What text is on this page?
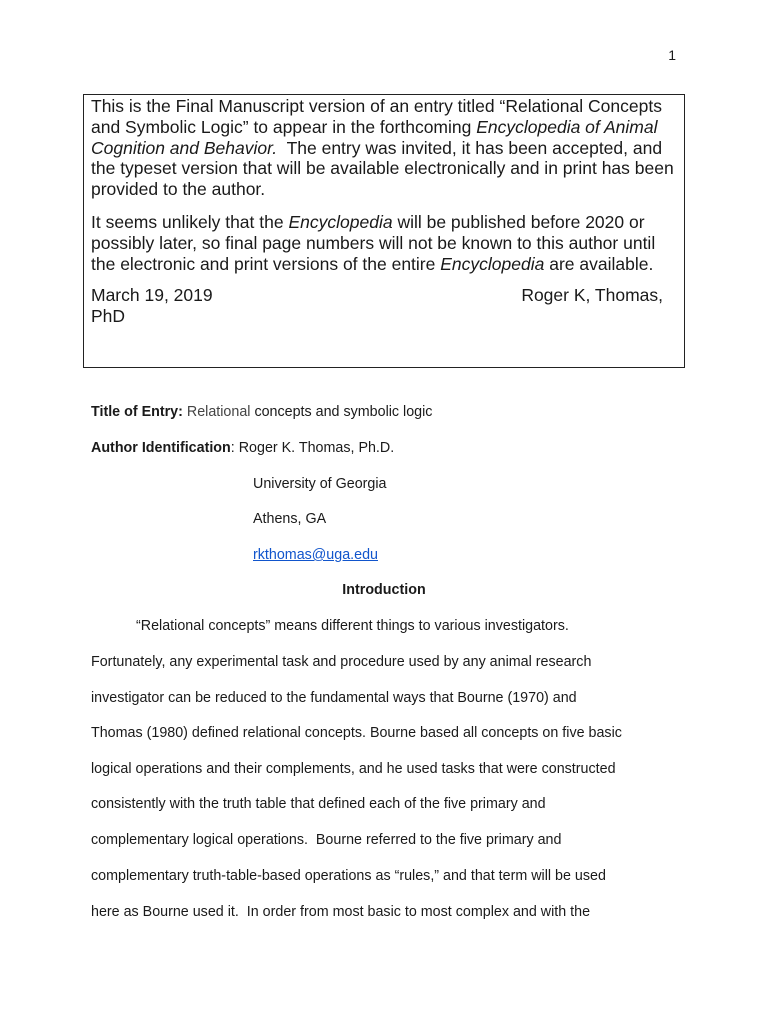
1

This is the Final Manuscript version of an entry titled “Relational Concepts and Symbolic Logic” to appear in the forthcoming Encyclopedia of Animal Cognition and Behavior.  The entry was invited, it has been accepted, and the typeset version that will be available electronically and in print has been provided to the author.

It seems unlikely that the Encyclopedia will be published before 2020 or possibly later, so final page numbers will not be known to this author until the electronic and print versions of the entire Encyclopedia are available.

March 19, 2019	Roger K, Thomas,
PhD
Title of Entry: Relational concepts and symbolic logic
Author Identification: Roger K. Thomas, Ph.D.
University of Georgia
Athens, GA
rkthomas@uga.edu
Introduction
“Relational concepts” means different things to various investigators.
Fortunately, any experimental task and procedure used by any animal research
investigator can be reduced to the fundamental ways that Bourne (1970) and
Thomas (1980) defined relational concepts. Bourne based all concepts on five basic
logical operations and their complements, and he used tasks that were constructed
consistently with the truth table that defined each of the five primary and
complementary logical operations.  Bourne referred to the five primary and
complementary truth-table-based operations as “rules,” and that term will be used
here as Bourne used it.  In order from most basic to most complex and with the
